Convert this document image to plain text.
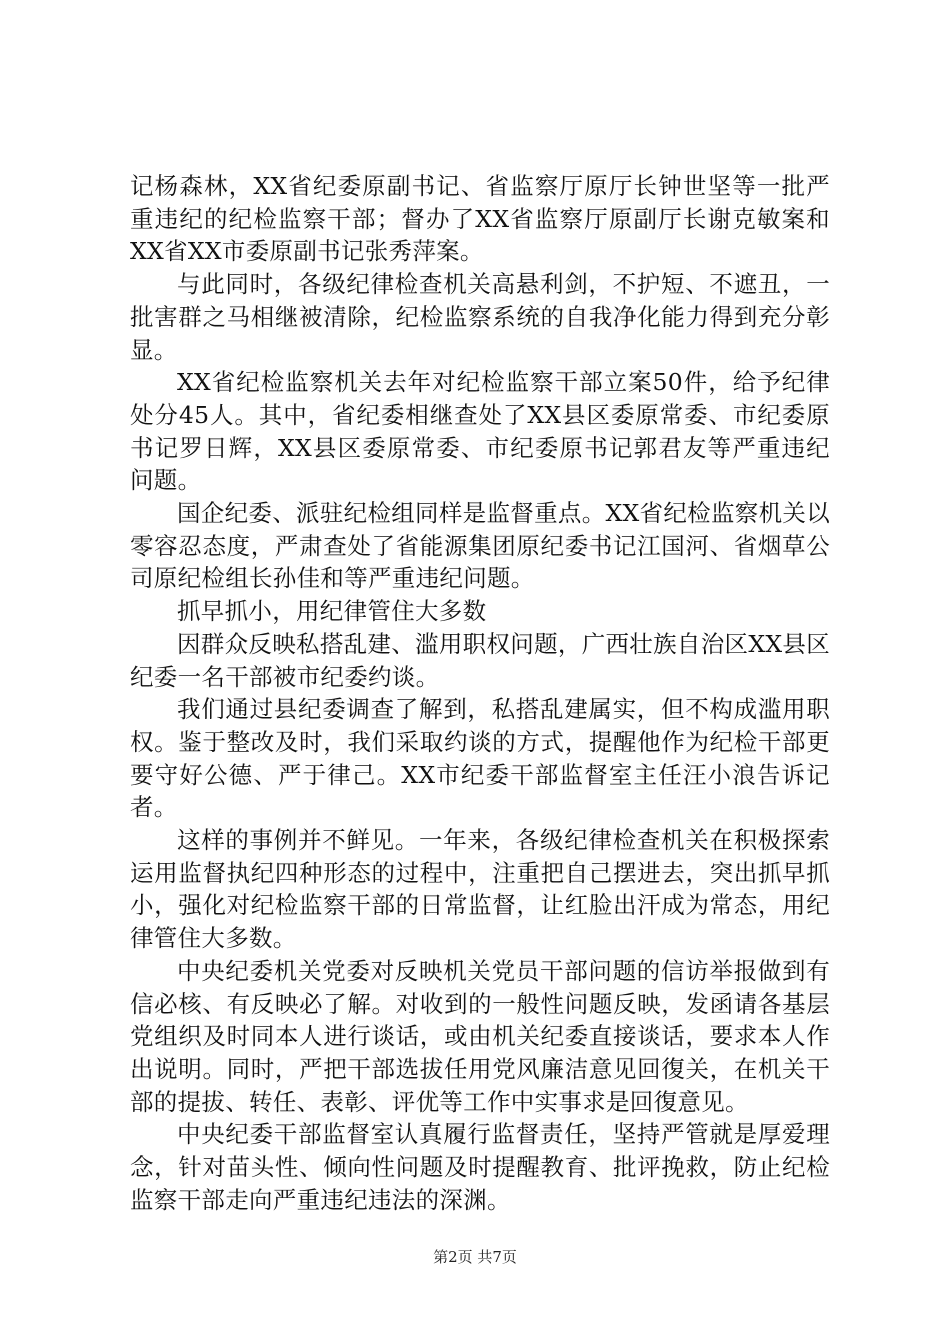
记杨森林，XX省纪委原副书记、省监察厅原厅长钟世坚等一批严重违纪的纪检监察干部；督办了XX省监察厅原副厅长谢克敏案和XX省XX市委原副书记张秀萍案。

与此同时，各级纪律检查机关高悬利剑，不护短、不遮丑，一批害群之马相继被清除，纪检监察系统的自我净化能力得到充分彰显。

XX省纪检监察机关去年对纪检监察干部立案50件，给予纪律处分45人。其中，省纪委相继查处了XX县区委原常委、市纪委原书记罗日辉，XX县区委原常委、市纪委原书记郭君友等严重违纪问题。

国企纪委、派驻纪检组同样是监督重点。XX省纪检监察机关以零容忍态度，严肃查处了省能源集团原纪委书记江国河、省烟草公司原纪检组长孙佳和等严重违纪问题。

抓早抓小，用纪律管住大多数

因群众反映私搭乱建、滥用职权问题，广西壮族自治区XX县区纪委一名干部被市纪委约谈。

我们通过县纪委调查了解到，私搭乱建属实，但不构成滥用职权。鉴于整改及时，我们采取约谈的方式，提醒他作为纪检干部更要守好公德、严于律己。XX市纪委干部监督室主任汪小浪告诉记者。

这样的事例并不鲜见。一年来，各级纪律检查机关在积极探索运用监督执纪四种形态的过程中，注重把自己摆进去，突出抓早抓小，强化对纪检监察干部的日常监督，让红脸出汗成为常态，用纪律管住大多数。

中央纪委机关党委对反映机关党员干部问题的信访举报做到有信必核、有反映必了解。对收到的一般性问题反映，发函请各基层党组织及时同本人进行谈话，或由机关纪委直接谈话，要求本人作出说明。同时，严把干部选拔任用党风廉洁意见回復关，在机关干部的提拔、转任、表彰、评优等工作中实事求是回復意见。

中央纪委干部监督室认真履行监督责任，坚持严管就是厚爱理念，针对苗头性、倾向性问题及时提醒教育、批评挽救，防止纪检监察干部走向严重违纪违法的深渊。

第2页 共7页
